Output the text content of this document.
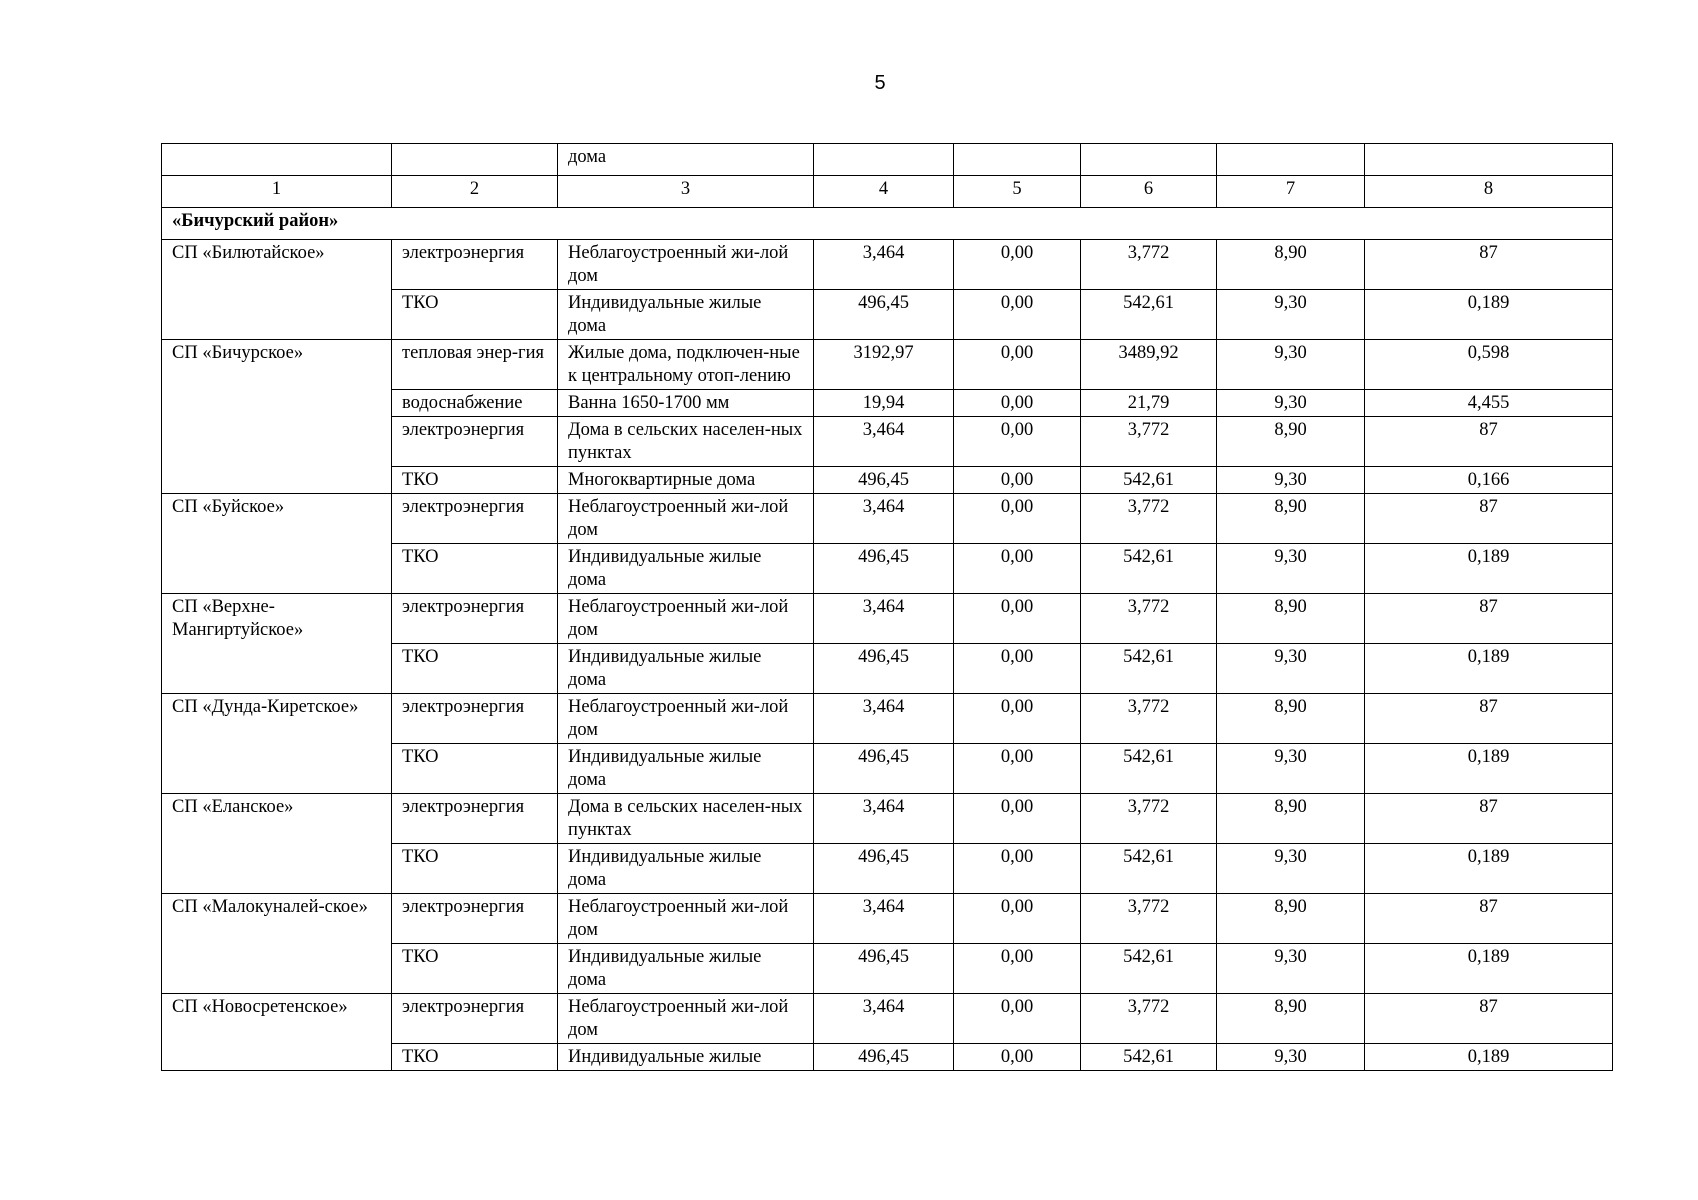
5
		дома					
1	2	3	4	5	6	7	8
«Бичурский район»							
СП «Билютайское»	электроэнергия	Неблагоустроенный жи-лой дом	3,464	0,00	3,772	8,90	87
	ТКО	Индивидуальные жилые дома	496,45	0,00	542,61	9,30	0,189
СП «Бичурское»	тепловая энер-гия	Жилые дома, подключен-ные к центральному отоп-лению	3192,97	0,00	3489,92	9,30	0,598
	водоснабжение	Ванна 1650-1700 мм	19,94	0,00	21,79	9,30	4,455
	электроэнергия	Дома в сельских населен-ных пунктах	3,464	0,00	3,772	8,90	87
	ТКО	Многоквартирные дома	496,45	0,00	542,61	9,30	0,166
СП «Буйское»	электроэнергия	Неблагоустроенный жи-лой дом	3,464	0,00	3,772	8,90	87
	ТКО	Индивидуальные жилые дома	496,45	0,00	542,61	9,30	0,189
СП «Верхне-Мангиртуйское»	электроэнергия	Неблагоустроенный жи-лой дом	3,464	0,00	3,772	8,90	87
	ТКО	Индивидуальные жилые дома	496,45	0,00	542,61	9,30	0,189
СП «Дунда-Киретское»	электроэнергия	Неблагоустроенный жи-лой дом	3,464	0,00	3,772	8,90	87
	ТКО	Индивидуальные жилые дома	496,45	0,00	542,61	9,30	0,189
СП «Еланское»	электроэнергия	Дома в сельских населен-ных пунктах	3,464	0,00	3,772	8,90	87
	ТКО	Индивидуальные жилые дома	496,45	0,00	542,61	9,30	0,189
СП «Малокуналей-ское»	электроэнергия	Неблагоустроенный жи-лой дом	3,464	0,00	3,772	8,90	87
	ТКО	Индивидуальные жилые дома	496,45	0,00	542,61	9,30	0,189
СП «Новосретенское»	электроэнергия	Неблагоустроенный жи-лой дом	3,464	0,00	3,772	8,90	87
	ТКО	Индивидуальные жилые	496,45	0,00	542,61	9,30	0,189
